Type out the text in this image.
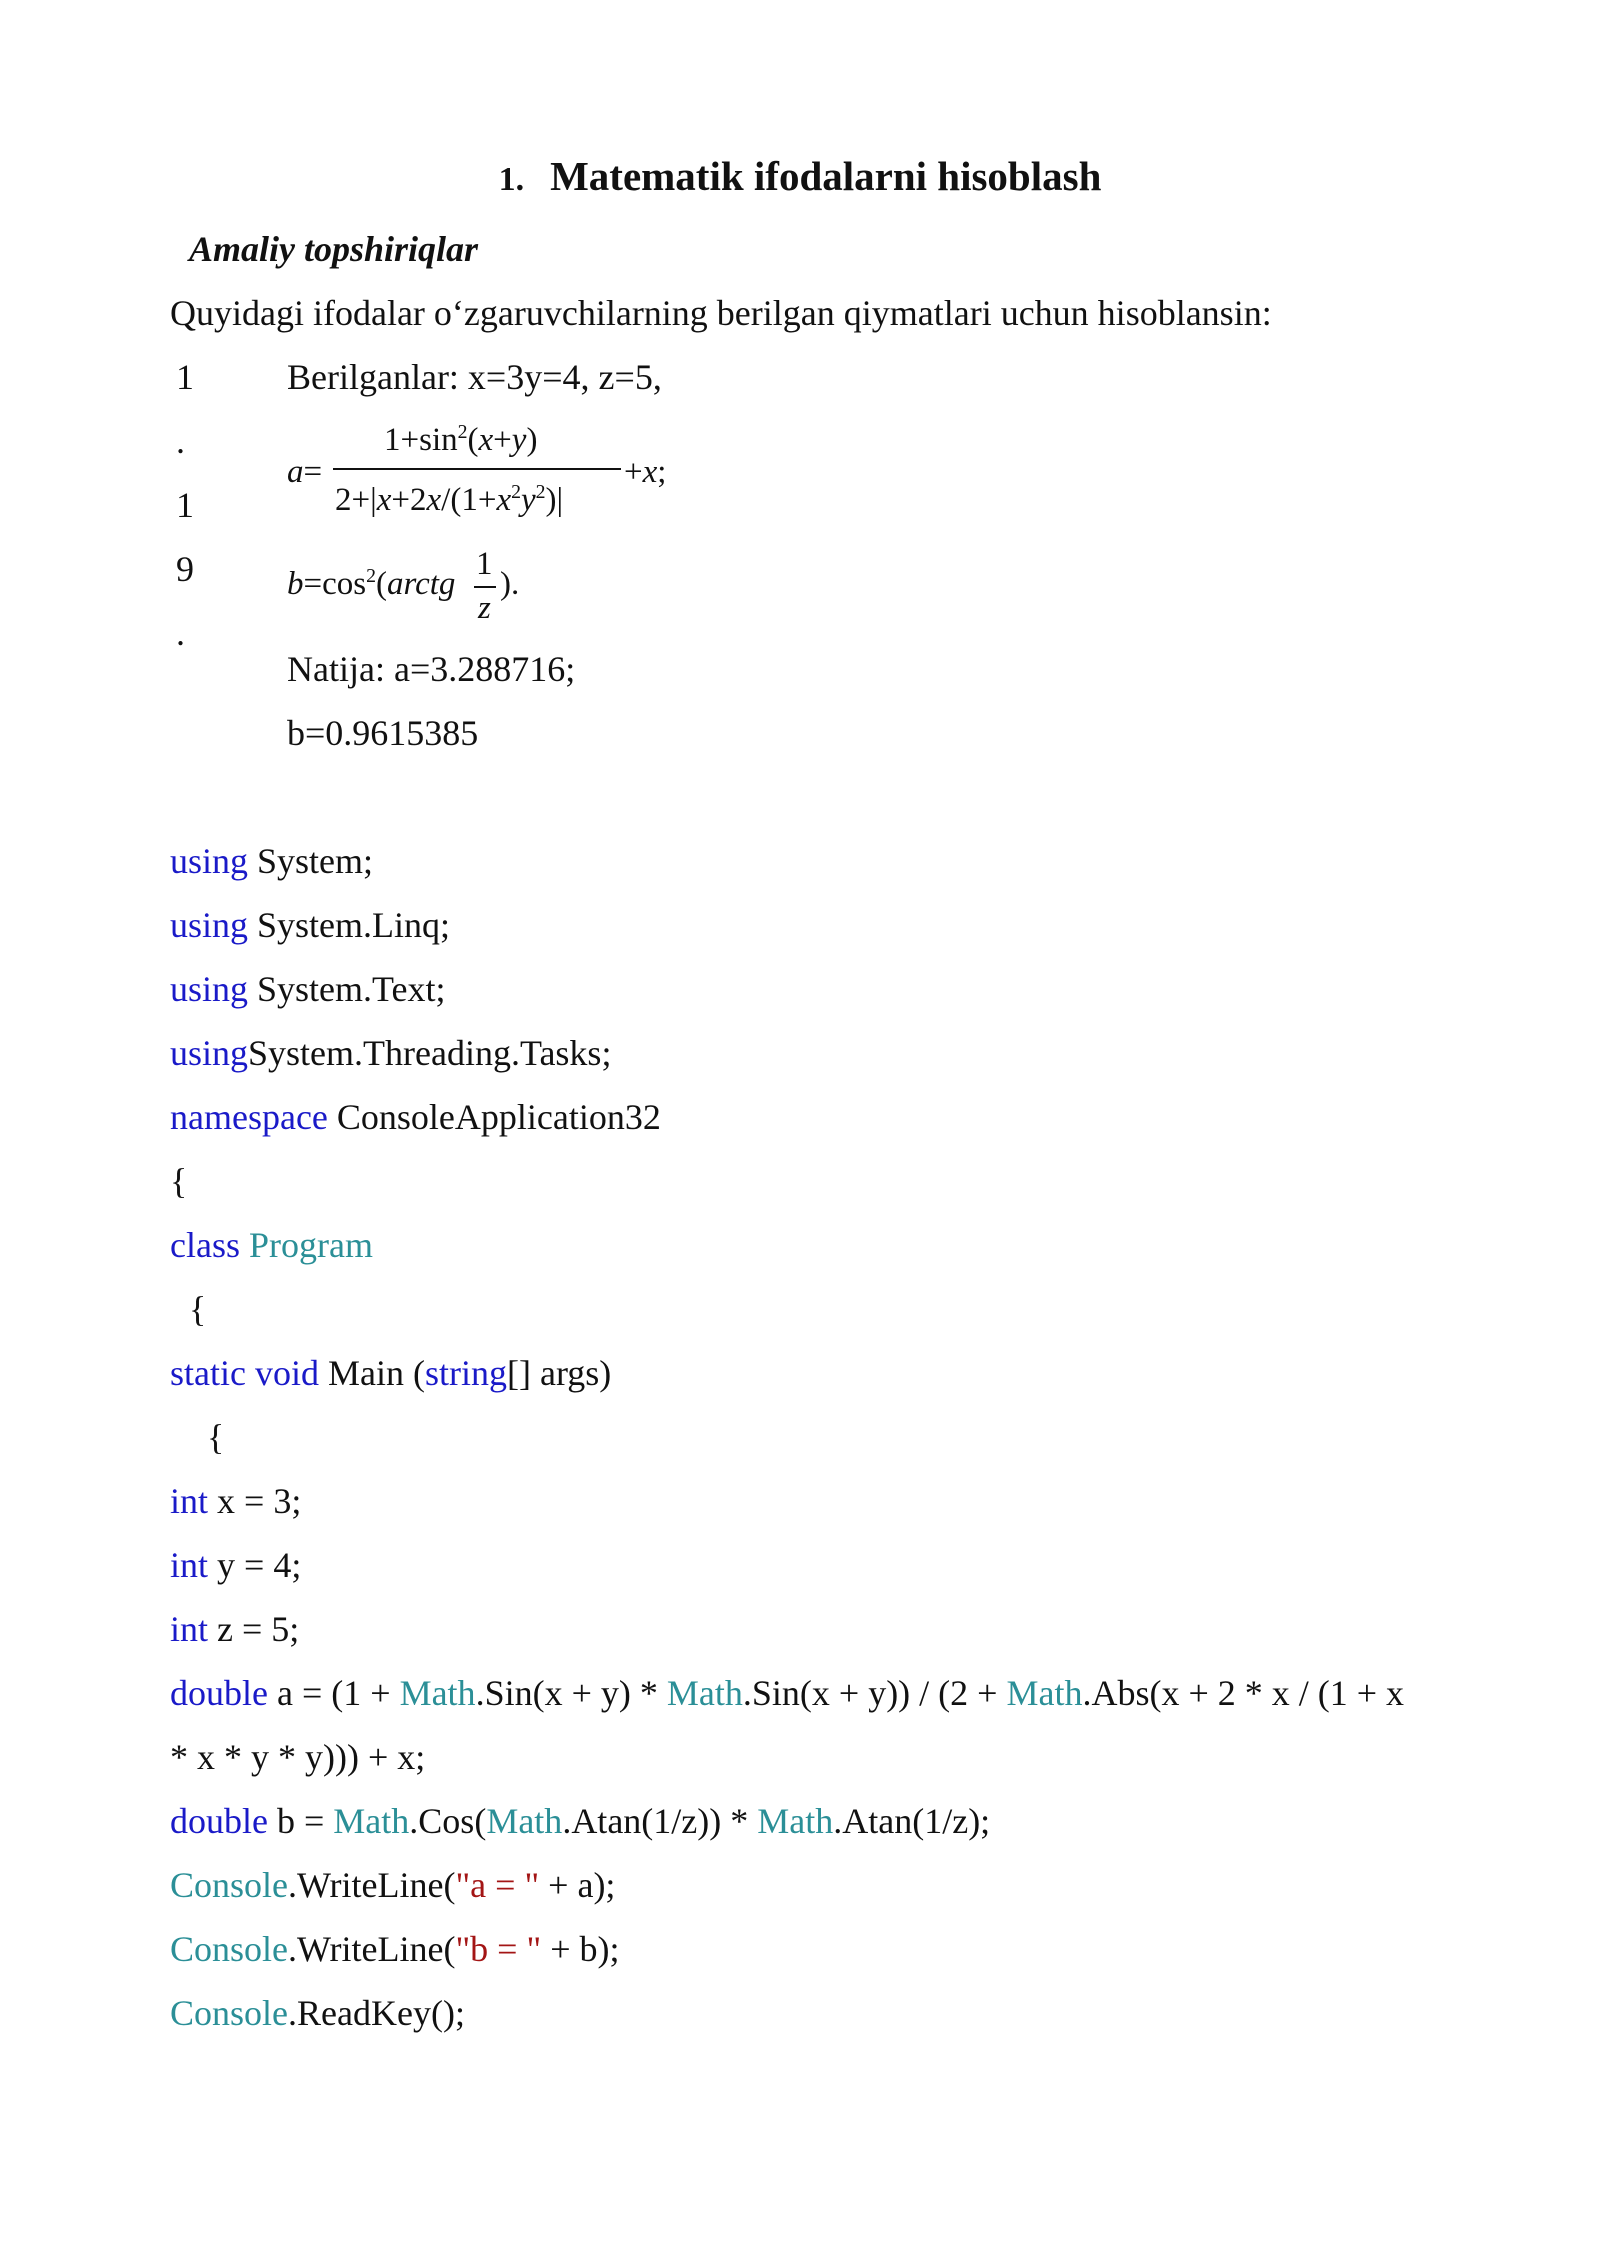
1. Matematik ifodalarni hisoblash
Amaliy topshiriqlar
Quyidagi ifodalar o‘zgaruvchilarning berilgan qiymatlari uchun hisoblansin:
1
.
1
9
.
Berilganlar: x=3y=4, z=5,
a=
$1+\sin^2(x+y)$
$2+|x+2x/(1+x^2y^2)|$
+x;
$b=\cos^2(arctg$
1
z
).
Natija: a=3.288716;
b=0.9615385
using System;
using System.Linq;
using System.Text;
usingSystem.Threading.Tasks;
namespace ConsoleApplication32
{
class Program
{
static void Main (string[] args)
{
int x = 3;
int y = 4;
int z = 5;
double a = (1 + Math.Sin(x + y) * Math.Sin(x + y)) / (2 + Math.Abs(x + 2 * x / (1 + x
* x * y * y))) + x;
double b = Math.Cos(Math.Atan(1/z)) * Math.Atan(1/z);
Console.WriteLine("a = " + a);
Console.WriteLine("b = " + b);
Console.ReadKey();
